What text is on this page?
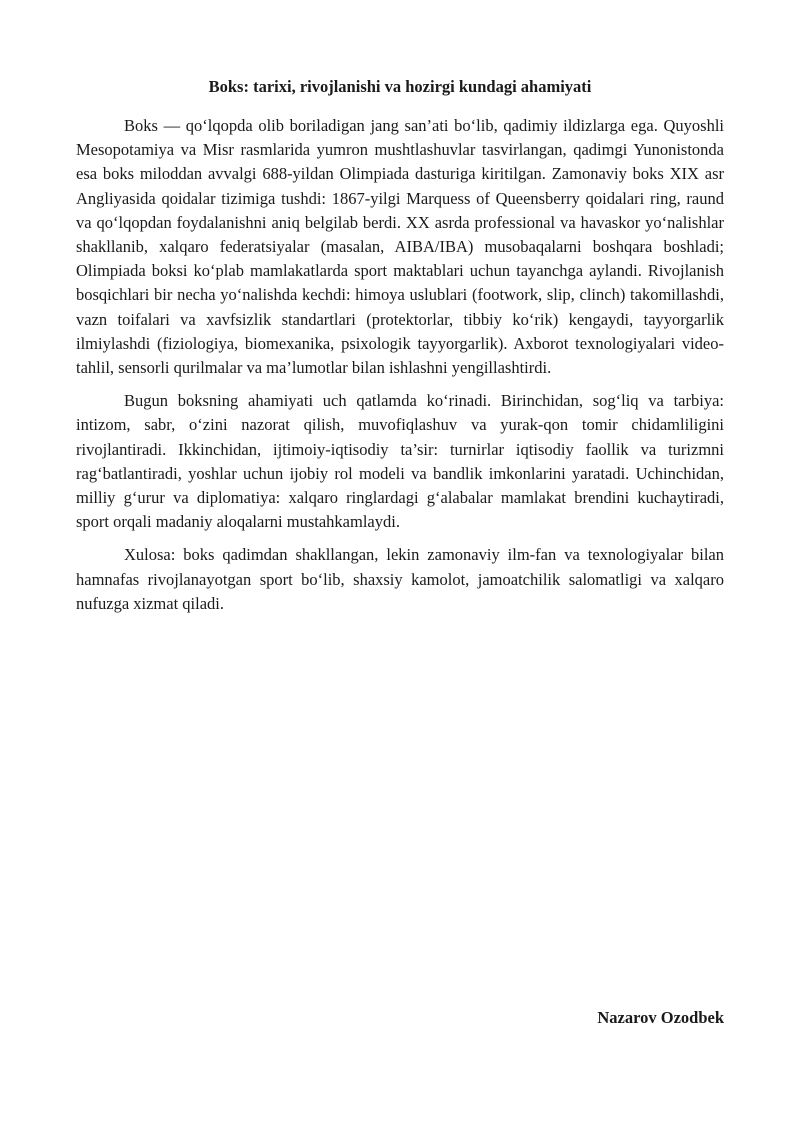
Boks: tarixi, rivojlanishi va hozirgi kundagi ahamiyati

Boks — qo‘lqopda olib boriladigan jang san’ati bo‘lib, qadimiy ildizlarga ega. Quyoshli Mesopotamiya va Misr rasmlarida yumron mushtlashuvlar tasvirlangan, qadimgi Yunonistonda esa boks miloddan avvalgi 688-yildan Olimpiada dasturiga kiritilgan. Zamonaviy boks XIX asr Angliyasida qoidalar tizimiga tushdi: 1867-yilgi Marquess of Queensberry qoidalari ring, raund va qo‘lqopdan foydalanishni aniq belgilab berdi. XX asrda professional va havaskor yo‘nalishlar shakllanib, xalqaro federatsiyalar (masalan, AIBA/IBA) musobaqalarni boshqara boshladi; Olimpiada boksi ko‘plab mamlakatlarda sport maktablari uchun tayanchga aylandi. Rivojlanish bosqichlari bir necha yo‘nalishda kechdi: himoya uslublari (footwork, slip, clinch) takomillashdi, vazn toifalari va xavfsizlik standartlari (protektorlar, tibbiy ko‘rik) kengaydi, tayyorgarlik ilmiylashdi (fiziologiya, biomexanika, psixologik tayyorgarlik). Axborot texnologiyalari video-tahlil, sensorli qurilmalar va ma’lumotlar bilan ishlashni yengillashtirdi.

Bugun boksning ahamiyati uch qatlamda ko‘rinadi. Birinchidan, sog‘liq va tarbiya: intizom, sabr, o‘zini nazorat qilish, muvofiqlashuv va yurak-qon tomir chidamliligini rivojlantiradi. Ikkinchidan, ijtimoiy-iqtisodiy ta’sir: turnirlar iqtisodiy faollik va turizmni rag‘batlantiradi, yoshlar uchun ijobiy rol modeli va bandlik imkonlarini yaratadi. Uchinchidan, milliy g‘urur va diplomatiya: xalqaro ringlardagi g‘alabalar mamlakat brendini kuchaytiradi, sport orqali madaniy aloqalarni mustahkamlaydi.

Xulosa: boks qadimdan shakllangan, lekin zamonaviy ilm-fan va texnologiyalar bilan hamnafas rivojlanayotgan sport bo‘lib, shaxsiy kamolot, jamoatchilik salomatligi va xalqaro nufuzga xizmat qiladi.

Nazarov Ozodbek
